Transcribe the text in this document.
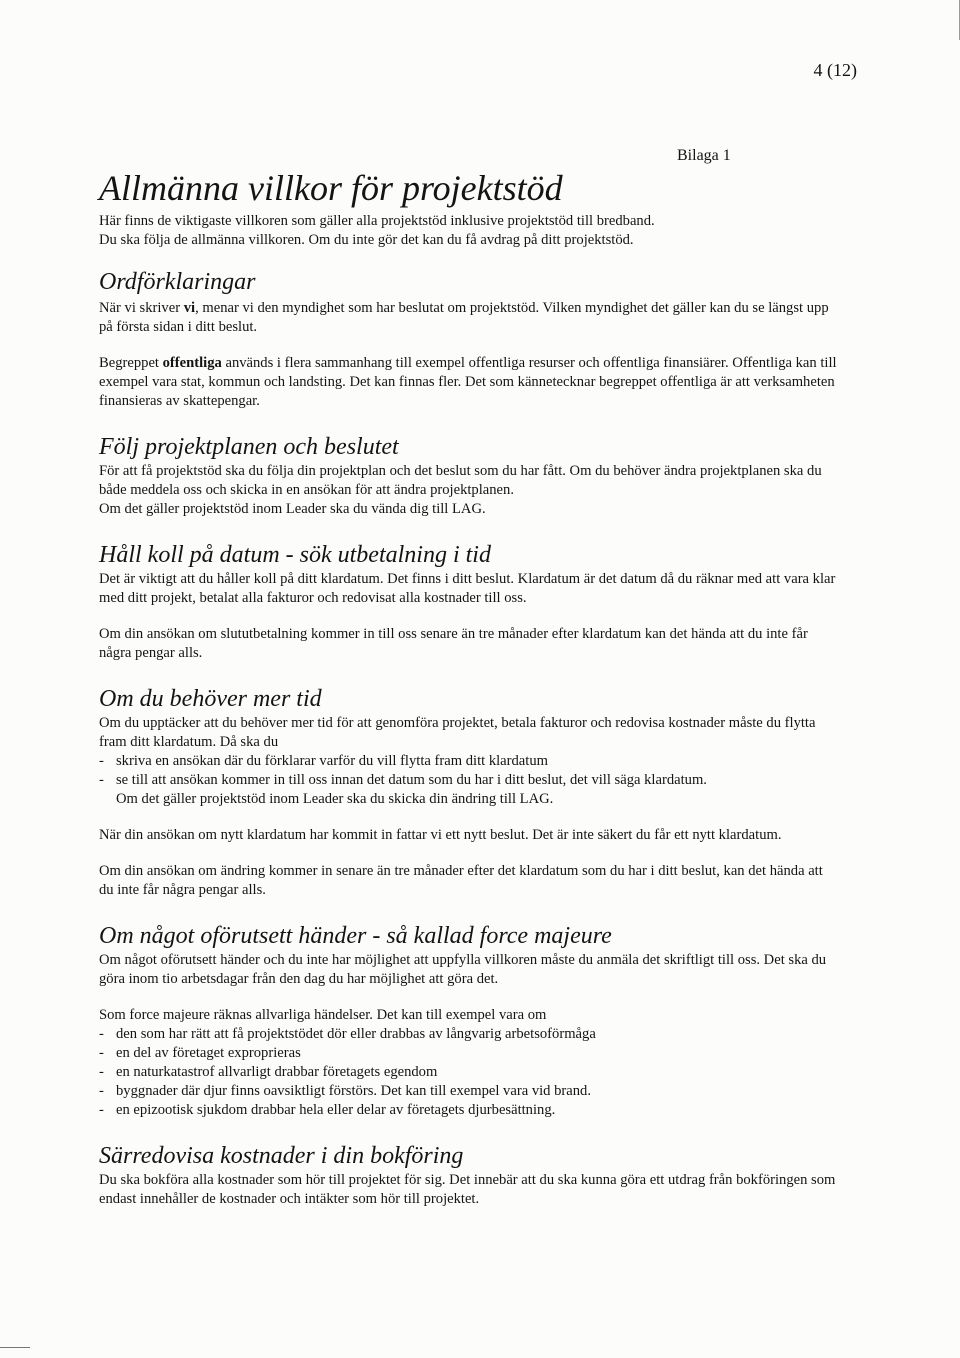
4 (12)
Bilaga 1
Allmänna villkor för projektstöd

Här finns de viktigaste villkoren som gäller alla projektstöd inklusive projektstöd till bredband.

Du ska följa de allmänna villkoren. Om du inte gör det kan du få avdrag på ditt projektstöd.

Ordförklaringar

När vi skriver vi, menar vi den myndighet som har beslutat om projektstöd. Vilken myndighet det gäller kan du se längst upp på första sidan i ditt beslut.

Begreppet offentliga används i flera sammanhang till exempel offentliga resurser och offentliga finansiärer. Offentliga kan till exempel vara stat, kommun och landsting. Det kan finnas fler. Det som kännetecknar begreppet offentliga är att verksamheten finansieras av skattepengar.

Följ projektplanen och beslutet

För att få projektstöd ska du följa din projektplan och det beslut som du har fått. Om du behöver ändra projektplanen ska du både meddela oss och skicka in en ansökan för att ändra projektplanen.

Om det gäller projektstöd inom Leader ska du vända dig till LAG.

Håll koll på datum - sök utbetalning i tid

Det är viktigt att du håller koll på ditt klardatum. Det finns i ditt beslut. Klardatum är det datum då du räknar med att vara klar med ditt projekt, betalat alla fakturor och redovisat alla kostnader till oss.

Om din ansökan om slututbetalning kommer in till oss senare än tre månader efter klardatum kan det hända att du inte får några pengar alls.

Om du behöver mer tid

Om du upptäcker att du behöver mer tid för att genomföra projektet, betala fakturor och redovisa kostnader måste du flytta fram ditt klardatum. Då ska du

- skriva en ansökan där du förklarar varför du vill flytta fram ditt klardatum
- se till att ansökan kommer in till oss innan det datum som du har i ditt beslut, det vill säga klardatum.

Om det gäller projektstöd inom Leader ska du skicka din ändring till LAG.

När din ansökan om nytt klardatum har kommit in fattar vi ett nytt beslut. Det är inte säkert du får ett nytt klardatum.

Om din ansökan om ändring kommer in senare än tre månader efter det klardatum som du har i ditt beslut, kan det hända att du inte får några pengar alls.

Om något oförutsett händer - så kallad force majeure

Om något oförutsett händer och du inte har möjlighet att uppfylla villkoren måste du anmäla det skriftligt till oss. Det ska du göra inom tio arbetsdagar från den dag du har möjlighet att göra det.

Som force majeure räknas allvarliga händelser. Det kan till exempel vara om

- den som har rätt att få projektstödet dör eller drabbas av långvarig arbetsoförmåga
- en del av företaget exproprieras
- en naturkatastrof allvarligt drabbar företagets egendom
- byggnader där djur finns oavsiktligt förstörs. Det kan till exempel vara vid brand.
- en epizootisk sjukdom drabbar hela eller delar av företagets djurbesättning.
Särredovisa kostnader i din bokföring

Du ska bokföra alla kostnader som hör till projektet för sig. Det innebär att du ska kunna göra ett utdrag från bokföringen som endast innehåller de kostnader och intäkter som hör till projektet.
